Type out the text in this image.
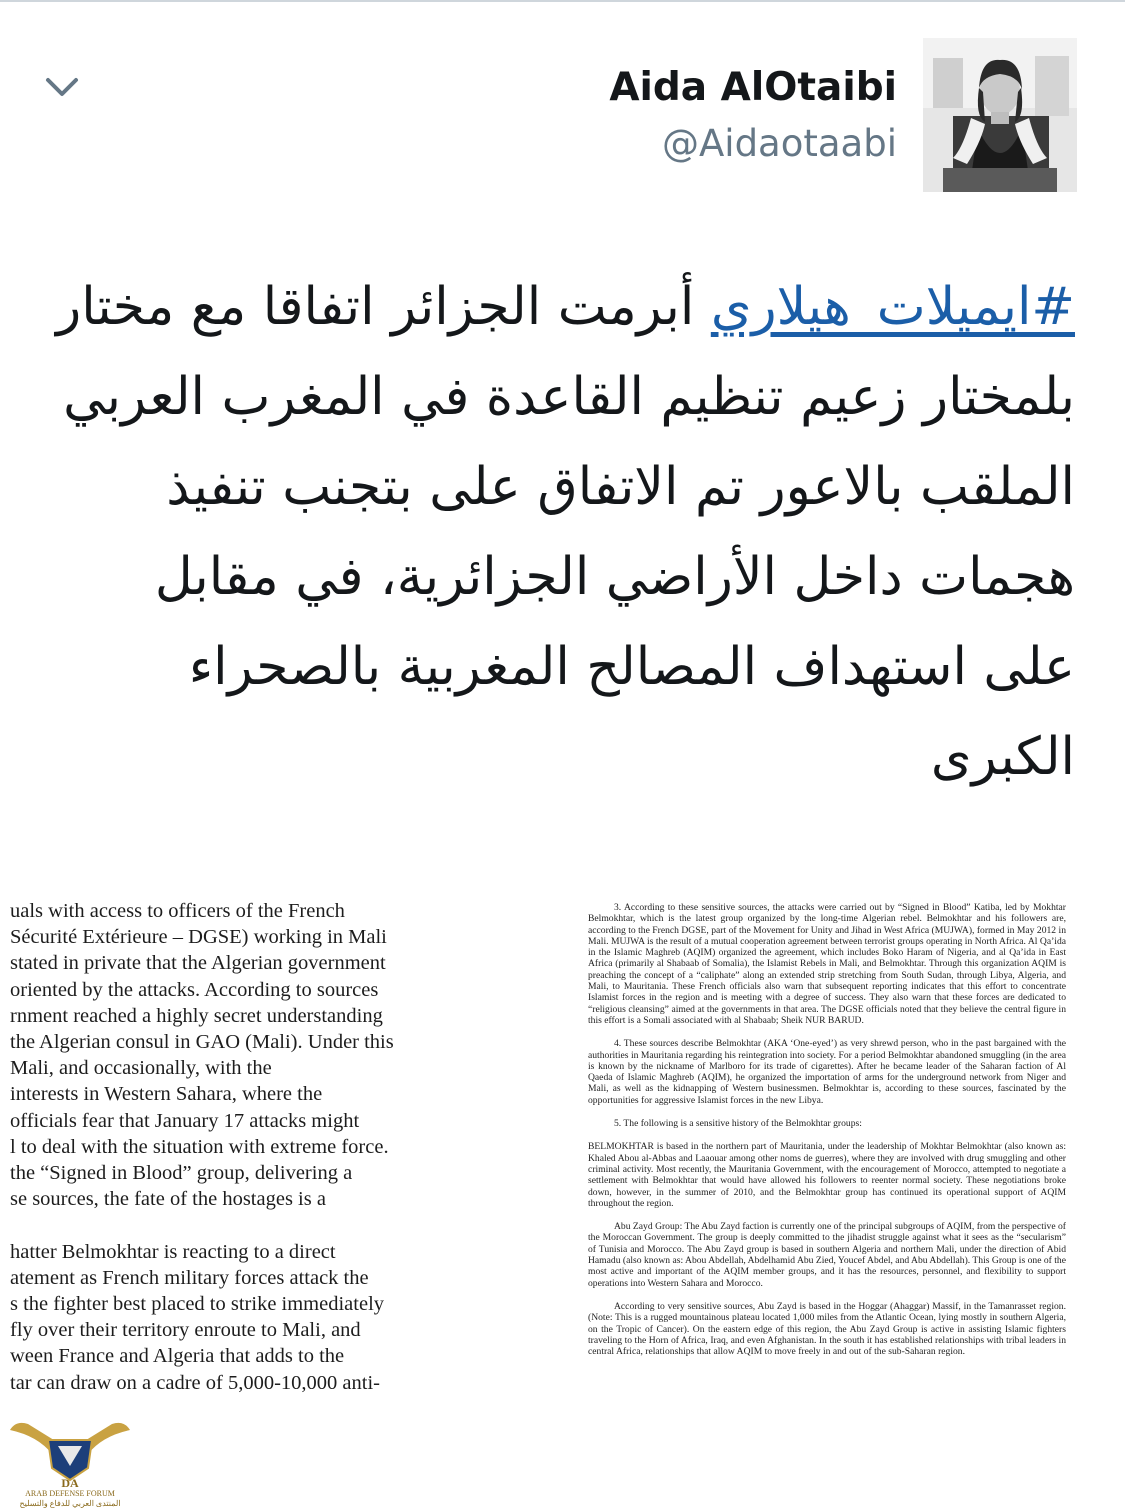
Aida AlOtaibi
@Aidaotaabi
#ايميلات_هيلاري أبرمت الجزائر اتفاقا مع مختار بلمختار زعيم تنظيم القاعدة في المغرب العربي الملقب بالاعور تم الاتفاق على بتجنب تنفيذ هجمات داخل الأراضي الجزائرية، في مقابل على استهداف المصالح المغربية بالصحراء الكبرى
uals with access to officers of the French
Sécurité Extérieure – DGSE) working in Mali
stated in private that the Algerian government
oriented by the attacks. According to sources
rnment reached a highly secret understanding
the Algerian consul in GAO (Mali). Under this
Mali, and occasionally, with the
interests in Western Sahara, where the
officials fear that January 17 attacks might
l to deal with the situation with extreme force.
the “Signed in Blood” group, delivering a
se sources, the fate of the hostages is a

hatter Belmokhtar is reacting to a direct
atement as French military forces attack the
s the fighter best placed to strike immediately
fly over their territory enroute to Mali, and
ween France and Algeria that adds to the
tar can draw on a cadre of 5,000-10,000 anti-

3. According to these sensitive sources, the attacks were carried out by “Signed in Blood” Katiba, led by Mokhtar Belmokhtar, which is the latest group organized by the long-time Algerian rebel. Belmokhtar and his followers are, according to the French DGSE, part of the Movement for Unity and Jihad in West Africa (MUJWA), formed in May 2012 in Mali. MUJWA is the result of a mutual cooperation agreement between terrorist groups operating in North Africa. Al Qa’ida in the Islamic Maghreb (AQIM) organized the agreement, which includes Boko Haram of Nigeria, and al Qa’ida in East Africa (primarily al Shabaab of Somalia), the Islamist Rebels in Mali, and Belmokhtar. Through this organization AQIM is preaching the concept of a “caliphate” along an extended strip stretching from South Sudan, through Libya, Algeria, and Mali, to Mauritania. These French officials also warn that subsequent reporting indicates that this effort to concentrate Islamist forces in the region and is meeting with a degree of success. They also warn that these forces are dedicated to “religious cleansing” aimed at the governments in that area. The DGSE officials noted that they believe the central figure in this effort is a Somali associated with al Shabaab; Sheik NUR BARUD.

4. These sources describe Belmokhtar (AKA ‘One-eyed’) as very shrewd person, who in the past bargained with the authorities in Mauritania regarding his reintegration into society. For a period Belmokhtar abandoned smuggling (in the area is known by the nickname of Marlboro for its trade of cigarettes). After he became leader of the Saharan faction of Al Qaeda of Islamic Maghreb (AQIM), he organized the importation of arms for the underground network from Niger and Mali, as well as the kidnapping of Western businessmen. Belmokhtar is, according to these sources, fascinated by the opportunities for aggressive Islamist forces in the new Libya.

5. The following is a sensitive history of the Belmokhtar groups:

BELMOKHTAR is based in the northern part of Mauritania, under the leadership of Mokhtar Belmokhtar (also known as: Khaled Abou al-Abbas and Laaouar among other noms de guerres), where they are involved with drug smuggling and other criminal activity. Most recently, the Mauritania Government, with the encouragement of Morocco, attempted to negotiate a settlement with Belmokhtar that would have allowed his followers to reenter normal society. These negotiations broke down, however, in the summer of 2010, and the Belmokhtar group has continued its operational support of AQIM throughout the region.

Abu Zayd Group: The Abu Zayd faction is currently one of the principal subgroups of AQIM, from the perspective of the Moroccan Government. The group is deeply committed to the jihadist struggle against what it sees as the “secularism” of Tunisia and Morocco. The Abu Zayd group is based in southern Algeria and northern Mali, under the direction of Abid Hamadu (also known as: Abou Abdellah, Abdelhamid Abu Zied, Youcef Abdel, and Abu Abdellah). This Group is one of the most active and important of the AQIM member groups, and it has the resources, personnel, and flexibility to support operations into Western Sahara and Morocco.

According to very sensitive sources, Abu Zayd is based in the Hoggar (Ahaggar) Massif, in the Tamanrasset region. (Note: This is a rugged mountainous plateau located 1,000 miles from the Atlantic Ocean, lying mostly in southern Algeria, on the Tropic of Cancer). On the eastern edge of this region, the Abu Zayd Group is active in assisting Islamic fighters traveling to the Horn of Africa, Iraq, and even Afghanistan. In the south it has established relationships with tribal leaders in central Africa, relationships that allow AQIM to move freely in and out of the sub-Saharan region.

DA
ARAB DEFENSE FORUM
المنتدى العربي للدفاع والتسليح
